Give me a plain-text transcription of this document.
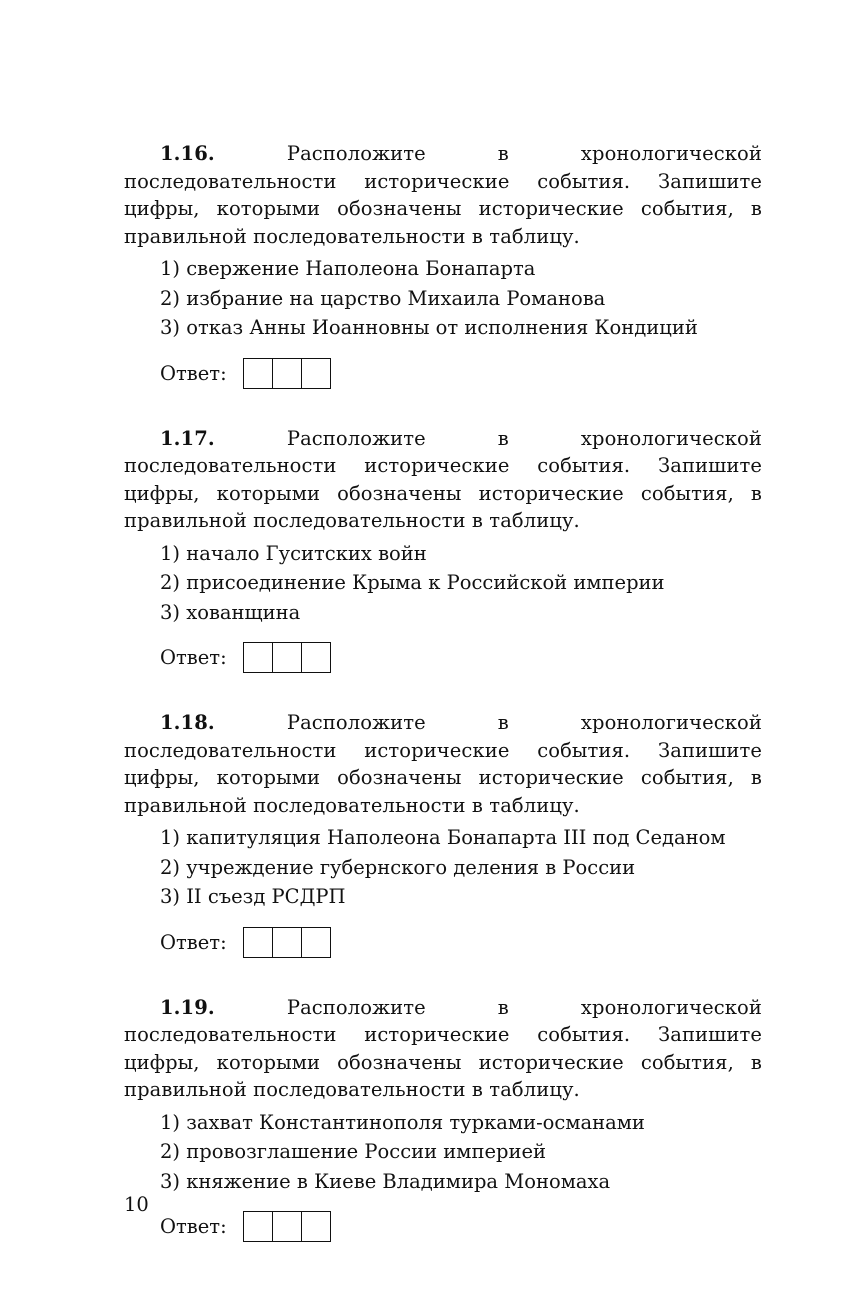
1.16.	Расположите в хронологической последовательности исторические события. Запишите цифры, которыми обозначены исторические события, в правильной последовательности в таблицу.

1) свержение Наполеона Бонапарта
2) избрание на царство Михаила Романова
3) отказ Анны Иоанновны от исполнения Кондиций
Ответ:

1.17.	Расположите в хронологической последовательности исторические события. Запишите цифры, которыми обозначены исторические события, в правильной последовательности в таблицу.

1) начало Гуситских войн
2) присоединение Крыма к Российской империи
3) хованщина
Ответ:

1.18.	Расположите в хронологической последовательности исторические события. Запишите цифры, которыми обозначены исторические события, в правильной последовательности в таблицу.

1) капитуляция Наполеона Бонапарта III под Седаном
2) учреждение губернского деления в России
3) II съезд РСДРП
Ответ:

1.19.	Расположите в хронологической последовательности исторические события. Запишите цифры, которыми обозначены исторические события, в правильной последовательности в таблицу.

1) захват Константинополя турками-османами
2) провозглашение России империей
3) княжение в Киеве Владимира Мономаха
Ответ:
10
